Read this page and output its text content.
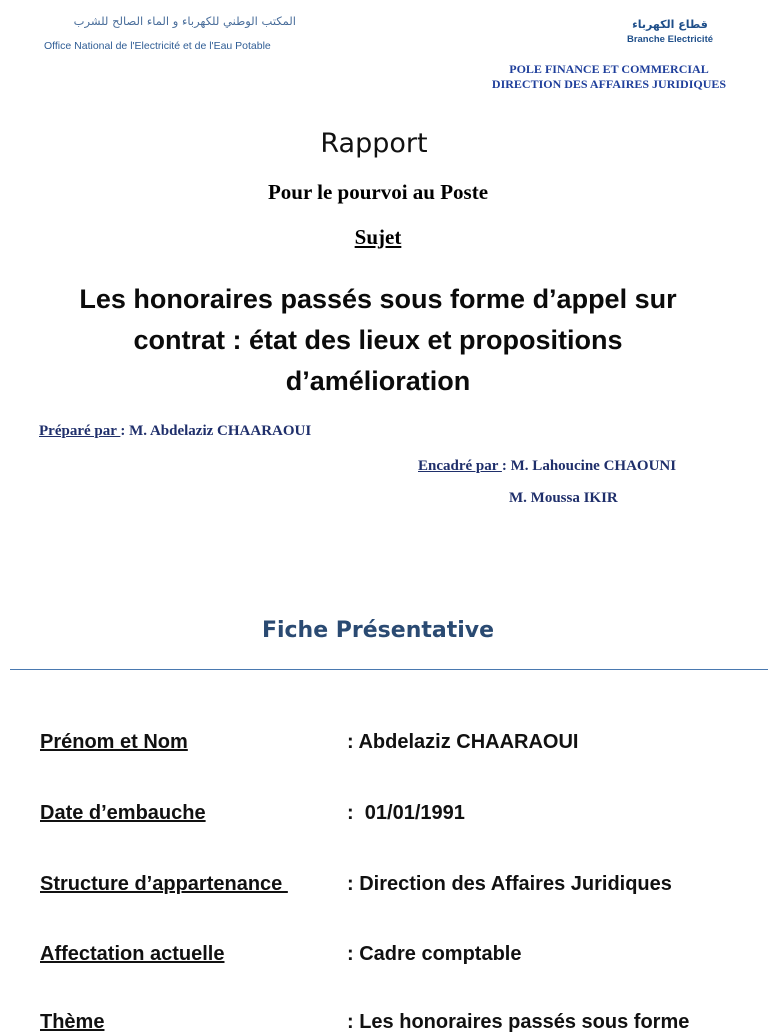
المكتب الوطني للكهرباء و الماء الصالح للشرب
Office National de l'Electricité et de l'Eau Potable
قطاع الكهرباء
Branche Electricité
POLE FINANCE ET COMMERCIAL
DIRECTION DES AFFAIRES JURIDIQUES
Rapport
Pour le pourvoi au Poste
Sujet
Les honoraires passés sous forme d’appel sur
contrat : état des lieux et propositions
d’amélioration
Préparé par : M. Abdelaziz CHAARAOUI
Encadré par : M. Lahoucine CHAOUNI
M. Moussa IKIR
Fiche Présentative
Prénom et Nom	: Abdelaziz CHAARAOUI
Date d’embauche	:  01/01/1991
Structure d’appartenance	: Direction des Affaires Juridiques
Affectation actuelle	: Cadre comptable
Thème	: Les honoraires passés sous forme
